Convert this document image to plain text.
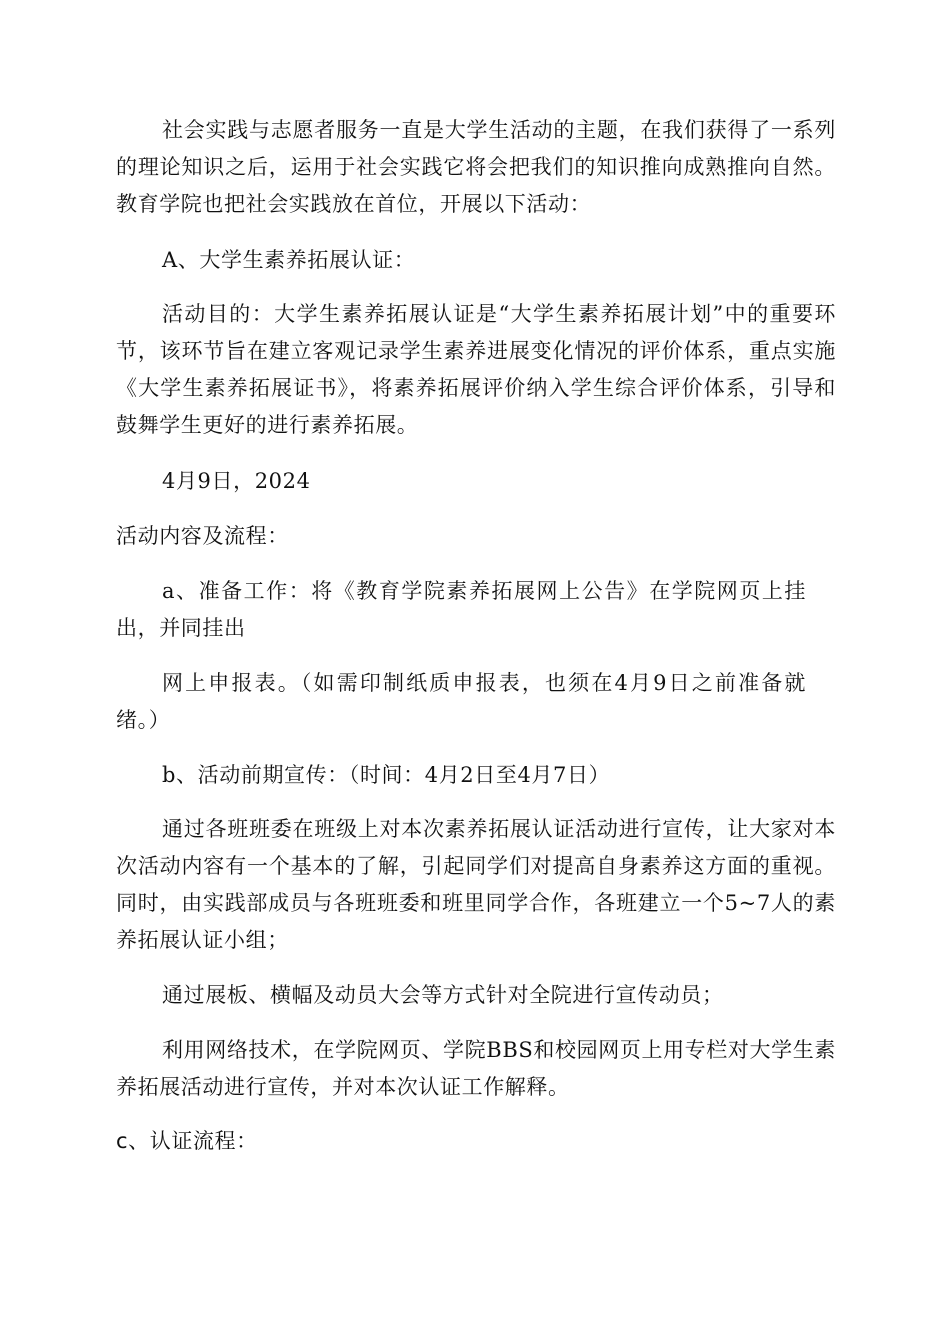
社会实践与志愿者服务一直是大学生活动的主题，在我们获得了一系列的理论知识之后，运用于社会实践它将会把我们的知识推向成熟推向自然。教育学院也把社会实践放在首位，开展以下活动：

A、大学生素养拓展认证：

活动目的：大学生素养拓展认证是“大学生素养拓展计划”中的重要环节，该环节旨在建立客观记录学生素养进展变化情况的评价体系，重点实施《大学生素养拓展证书》，将素养拓展评价纳入学生综合评价体系，引导和鼓舞学生更好的进行素养拓展。

4月9日，2024

活动内容及流程：

a、准备工作：将《教育学院素养拓展网上公告》在学院网页上挂出，并同挂出

网上申报表。（如需印制纸质申报表，也须在4月9日之前准备就绪。）

b、活动前期宣传：（时间：4月2日至4月7日）

通过各班班委在班级上对本次素养拓展认证活动进行宣传，让大家对本次活动内容有一个基本的了解，引起同学们对提高自身素养这方面的重视。同时，由实践部成员与各班班委和班里同学合作，各班建立一个5~7人的素养拓展认证小组；

通过展板、横幅及动员大会等方式针对全院进行宣传动员；

利用网络技术，在学院网页、学院BBS和校园网页上用专栏对大学生素养拓展活动进行宣传，并对本次认证工作解释。

c、认证流程：
